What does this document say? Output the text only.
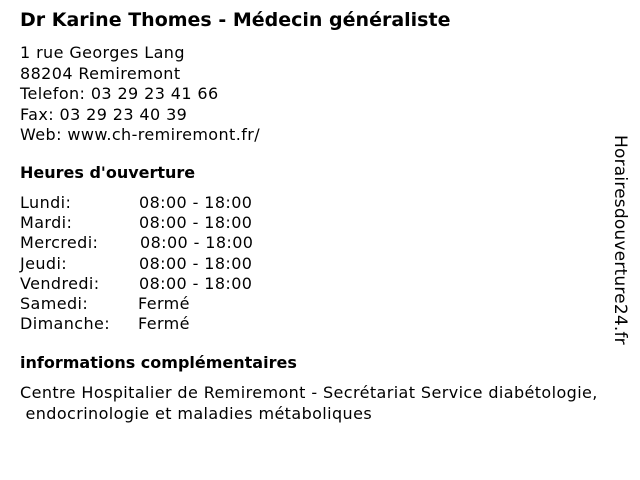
Dr Karine Thomes - Médecin généraliste
1 rue Georges Lang
88204 Remiremont
Telefon: 03 29 23 41 66
Fax: 03 29 23 40 39
Web: www.ch-remiremont.fr/
Heures d'ouverture
Lundi:	08:00 - 18:00
Mardi:	08:00 - 18:00
Mercredi:	08:00 - 18:00
Jeudi:	08:00 - 18:00
Vendredi: 08:00 - 18:00
Samedi:	Fermé
Dimanche: Fermé
informations complémentaires
Centre Hospitalier de Remiremont - Secrétariat Service diabétologie,
endocrinologie et maladies métaboliques
Horairesdouverture24.fr
